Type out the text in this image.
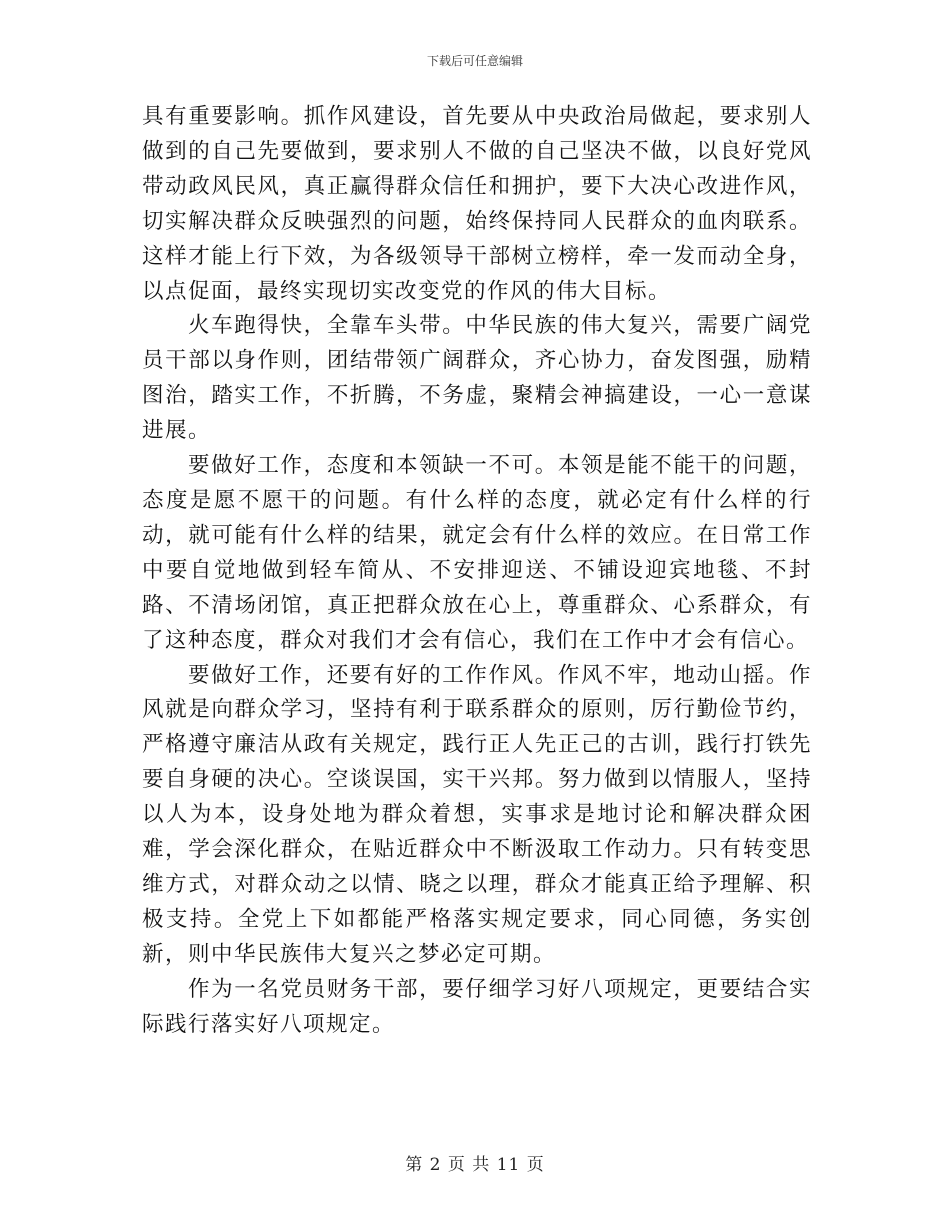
下载后可任意编辑

具有重要影响。抓作风建设，首先要从中央政治局做起，要求别人做到的自己先要做到，要求别人不做的自己坚决不做，以良好党风带动政风民风，真正赢得群众信任和拥护，要下大决心改进作风，切实解决群众反映强烈的问题，始终保持同人民群众的血肉联系。这样才能上行下效，为各级领导干部树立榜样，牵一发而动全身，以点促面，最终实现切实改变党的作风的伟大目标。

火车跑得快，全靠车头带。中华民族的伟大复兴，需要广阔党员干部以身作则，团结带领广阔群众，齐心协力，奋发图强，励精图治，踏实工作，不折腾，不务虚，聚精会神搞建设，一心一意谋进展。

要做好工作，态度和本领缺一不可。本领是能不能干的问题，态度是愿不愿干的问题。有什么样的态度，就必定有什么样的行动，就可能有什么样的结果，就定会有什么样的效应。在日常工作中要自觉地做到轻车简从、不安排迎送、不铺设迎宾地毯、不封路、不清场闭馆，真正把群众放在心上，尊重群众、心系群众，有了这种态度，群众对我们才会有信心，我们在工作中才会有信心。

要做好工作，还要有好的工作作风。作风不牢，地动山摇。作风就是向群众学习，坚持有利于联系群众的原则，厉行勤俭节约，严格遵守廉洁从政有关规定，践行正人先正己的古训，践行打铁先要自身硬的决心。空谈误国，实干兴邦。努力做到以情服人，坚持以人为本，设身处地为群众着想，实事求是地讨论和解决群众困难，学会深化群众，在贴近群众中不断汲取工作动力。只有转变思维方式，对群众动之以情、晓之以理，群众才能真正给予理解、积极支持。全党上下如都能严格落实规定要求，同心同德，务实创新，则中华民族伟大复兴之梦必定可期。

作为一名党员财务干部，要仔细学习好八项规定，更要结合实际践行落实好八项规定。

第 2 页 共 11 页
